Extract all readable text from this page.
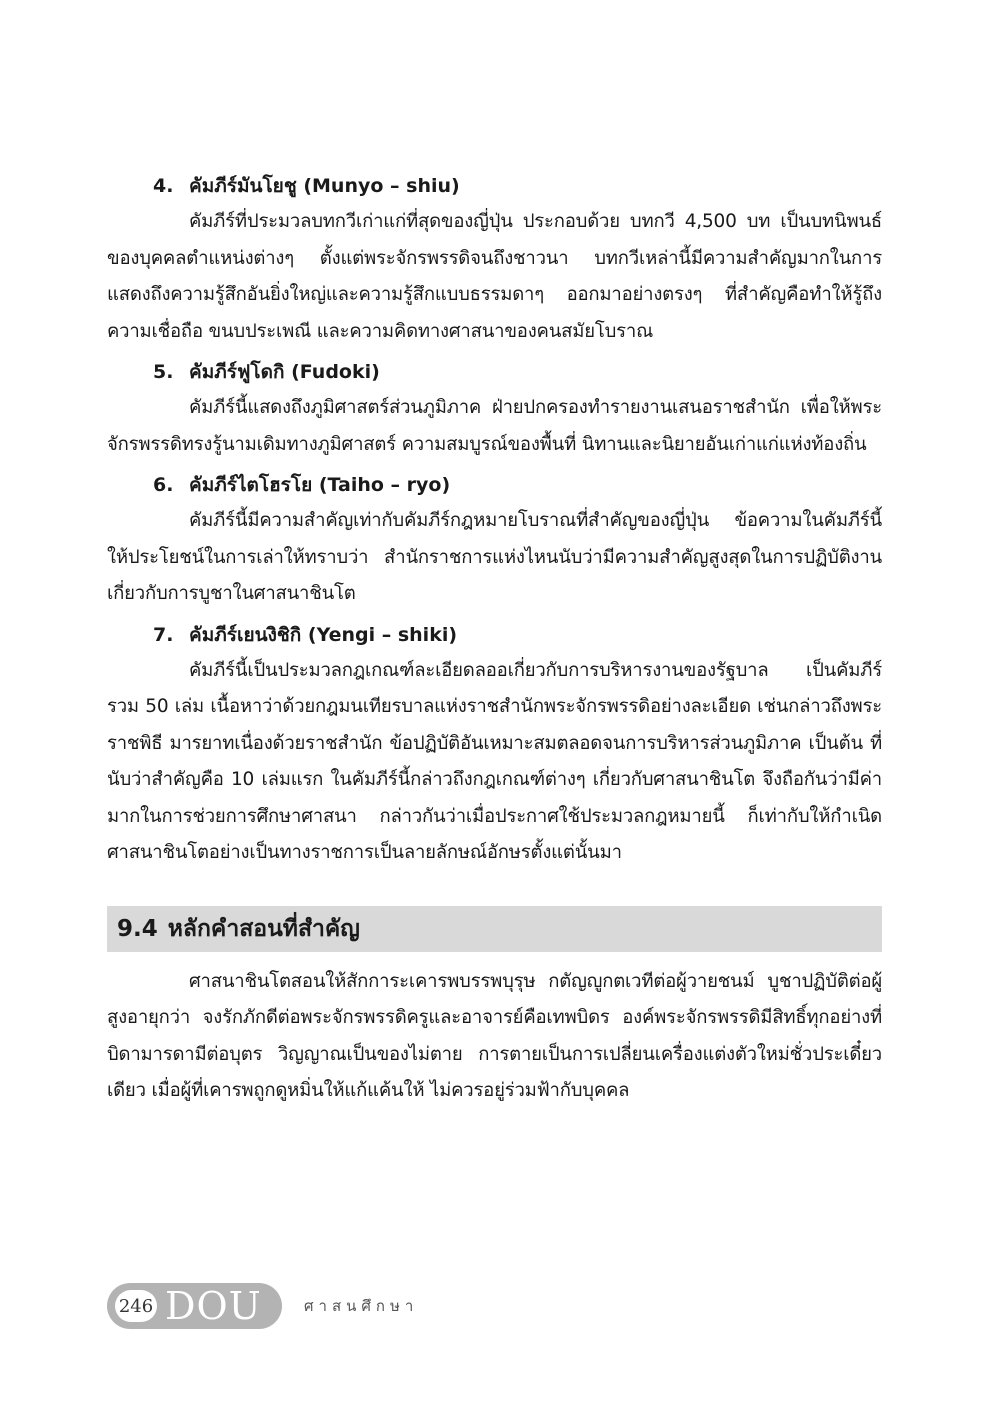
4. คัมภีร์มันโยชู (Munyo – shiu)

คัมภีร์ที่ประมวลบทกวีเก่าแก่ที่สุดของญี่ปุ่น ประกอบด้วย บทกวี 4,500 บท เป็นบทนิพนธ์ของบุคคลตำแหน่งต่างๆ ตั้งแต่พระจักรพรรดิจนถึงชาวนา บทกวีเหล่านี้มีความสำคัญมากในการแสดงถึงความรู้สึกอันยิ่งใหญ่และความรู้สึกแบบธรรมดาๆ ออกมาอย่างตรงๆ ที่สำคัญคือทำให้รู้ถึงความเชื่อถือ ขนบประเพณี และความคิดทางศาสนาของคนสมัยโบราณ

5. คัมภีร์ฟูโดกิ (Fudoki)

คัมภีร์นี้แสดงถึงภูมิศาสตร์ส่วนภูมิภาค ฝ่ายปกครองทำรายงานเสนอราชสำนัก เพื่อให้พระจักรพรรดิทรงรู้นามเดิมทางภูมิศาสตร์ ความสมบูรณ์ของพื้นที่ นิทานและนิยายอันเก่าแก่แห่งท้องถิ่น

6. คัมภีร์ไตโฮรโย (Taiho – ryo)

คัมภีร์นี้มีความสำคัญเท่ากับคัมภีร์กฎหมายโบราณที่สำคัญของญี่ปุ่น ข้อความในคัมภีร์นี้ให้ประโยชน์ในการเล่าให้ทราบว่า สำนักราชการแห่งไหนนับว่ามีความสำคัญสูงสุดในการปฏิบัติงานเกี่ยวกับการบูชาในศาสนาชินโต

7. คัมภีร์เยนงิชิกิ (Yengi – shiki)

คัมภีร์นี้เป็นประมวลกฎเกณฑ์ละเอียดลออเกี่ยวกับการบริหารงานของรัฐบาล เป็นคัมภีร์รวม 50 เล่ม เนื้อหาว่าด้วยกฎมนเทียรบาลแห่งราชสำนักพระจักรพรรดิอย่างละเอียด เช่นกล่าวถึงพระราชพิธี มารยาทเนื่องด้วยราชสำนัก ข้อปฏิบัติอันเหมาะสมตลอดจนการบริหารส่วนภูมิภาค เป็นต้น ที่นับว่าสำคัญคือ 10 เล่มแรก ในคัมภีร์นี้กล่าวถึงกฎเกณฑ์ต่างๆ เกี่ยวกับศาสนาชินโต จึงถือกันว่ามีค่ามากในการช่วยการศึกษาศาสนา กล่าวกันว่าเมื่อประกาศใช้ประมวลกฎหมายนี้ ก็เท่ากับให้กำเนิดศาสนาชินโตอย่างเป็นทางราชการเป็นลายลักษณ์อักษรตั้งแต่นั้นมา

9.4 หลักคำสอนที่สำคัญ

ศาสนาชินโตสอนให้สักการะเคารพบรรพบุรุษ กตัญญูกตเวทีต่อผู้วายชนม์ บูชาปฏิบัติต่อผู้สูงอายุกว่า จงรักภักดีต่อพระจักรพรรดิครูและอาจารย์คือเทพบิดร องค์พระจักรพรรดิมีสิทธิ์ทุกอย่างที่บิดามารดามีต่อบุตร วิญญาณเป็นของไม่ตาย การตายเป็นการเปลี่ยนเครื่องแต่งตัวใหม่ชั่วประเดี๋ยวเดียว เมื่อผู้ที่เคารพถูกดูหมิ่นให้แก้แค้นให้ ไม่ควรอยู่ร่วมฟ้ากับบุคคล

246 DOU	ศาสนศึกษา
